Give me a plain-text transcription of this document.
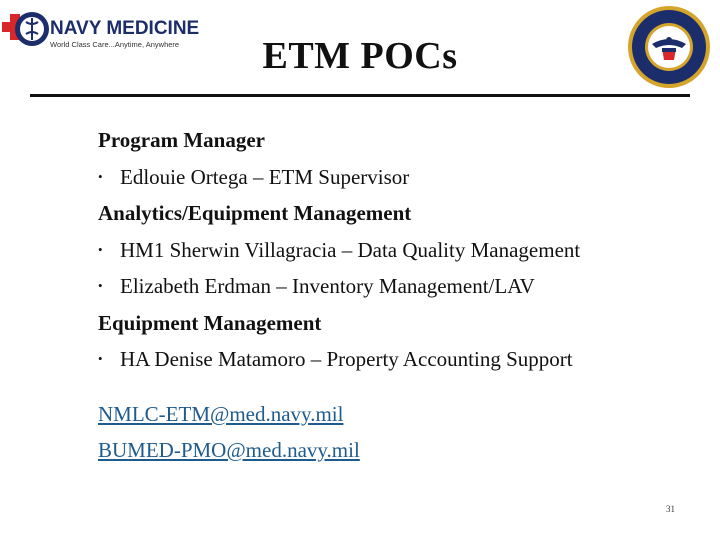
NAVY MEDICINE
World Class Care...Anytime, Anywhere	ETM POCs
Program Manager
• Edlouie Ortega – ETM Supervisor
Analytics/Equipment Management
• HM1 Sherwin Villagracia – Data Quality Management
• Elizabeth Erdman – Inventory Management/LAV
Equipment Management
• HA Denise Matamoro – Property Accounting Support
NMLC-ETM@med.navy.mil
BUMED-PMO@med.navy.mil
31
